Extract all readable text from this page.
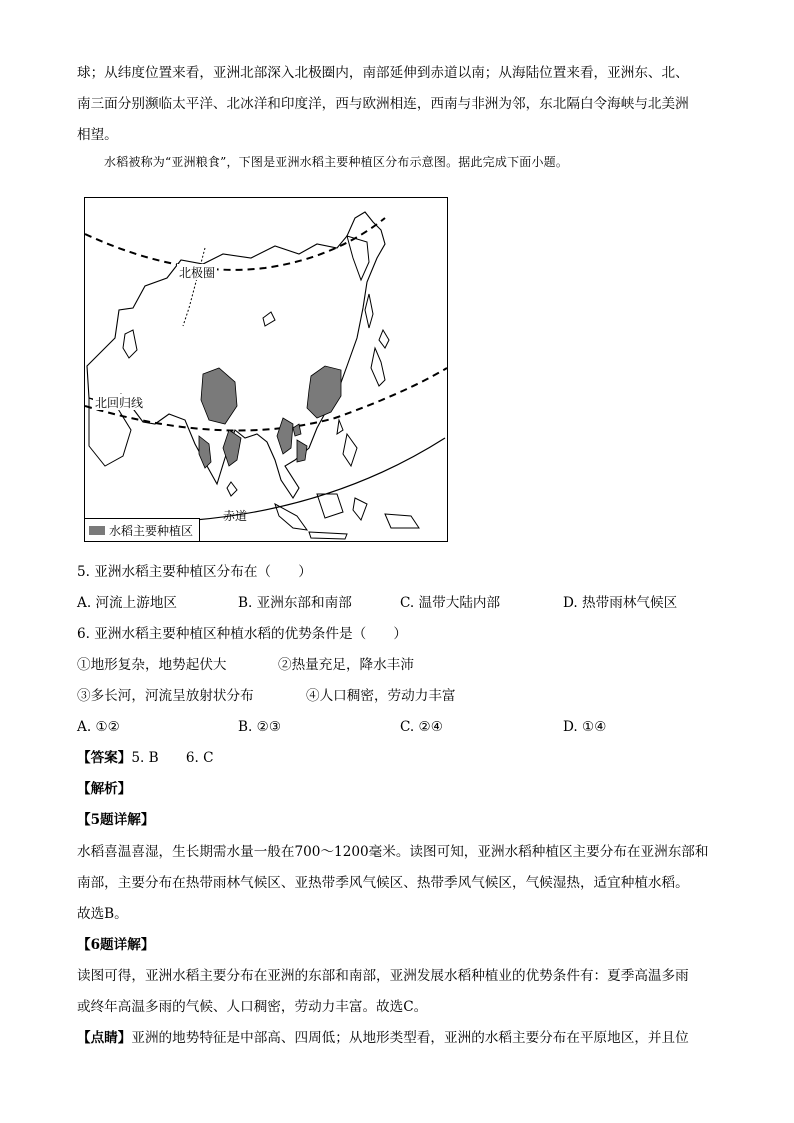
球；从纬度位置来看，亚洲北部深入北极圈内，南部延伸到赤道以南；从海陆位置来看，亚洲东、北、
南三面分别濒临太平洋、北冰洋和印度洋，西与欧洲相连，西南与非洲为邻，东北隔白令海峡与北美洲
相望。
水稻被称为“亚洲粮食”，下图是亚洲水稻主要种植区分布示意图。据此完成下面小题。
北极圈
北回归线
赤道
水稻主要种植区
5. 亚洲水稻主要种植区分布在（　　）
A. 河流上游地区	B. 亚洲东部和南部	C. 温带大陆内部	D. 热带雨林气候区
6. 亚洲水稻主要种植区种植水稻的优势条件是（　　）
①地形复杂，地势起伏大	②热量充足，降水丰沛
③多长河，河流呈放射状分布	④人口稠密，劳动力丰富
A. ①②	B. ②③	C. ②④	D. ①④
【答案】5. B　　6. C
【解析】
【5题详解】
水稻喜温喜湿，生长期需水量一般在700～1200毫米。读图可知，亚洲水稻种植区主要分布在亚洲东部和
南部，主要分布在热带雨林气候区、亚热带季风气候区、热带季风气候区，气候湿热，适宜种植水稻。
故选B。
【6题详解】
读图可得，亚洲水稻主要分布在亚洲的东部和南部，亚洲发展水稻种植业的优势条件有：夏季高温多雨
或终年高温多雨的气候、人口稠密，劳动力丰富。故选C。
【点睛】亚洲的地势特征是中部高、四周低；从地形类型看，亚洲的水稻主要分布在平原地区，并且位
